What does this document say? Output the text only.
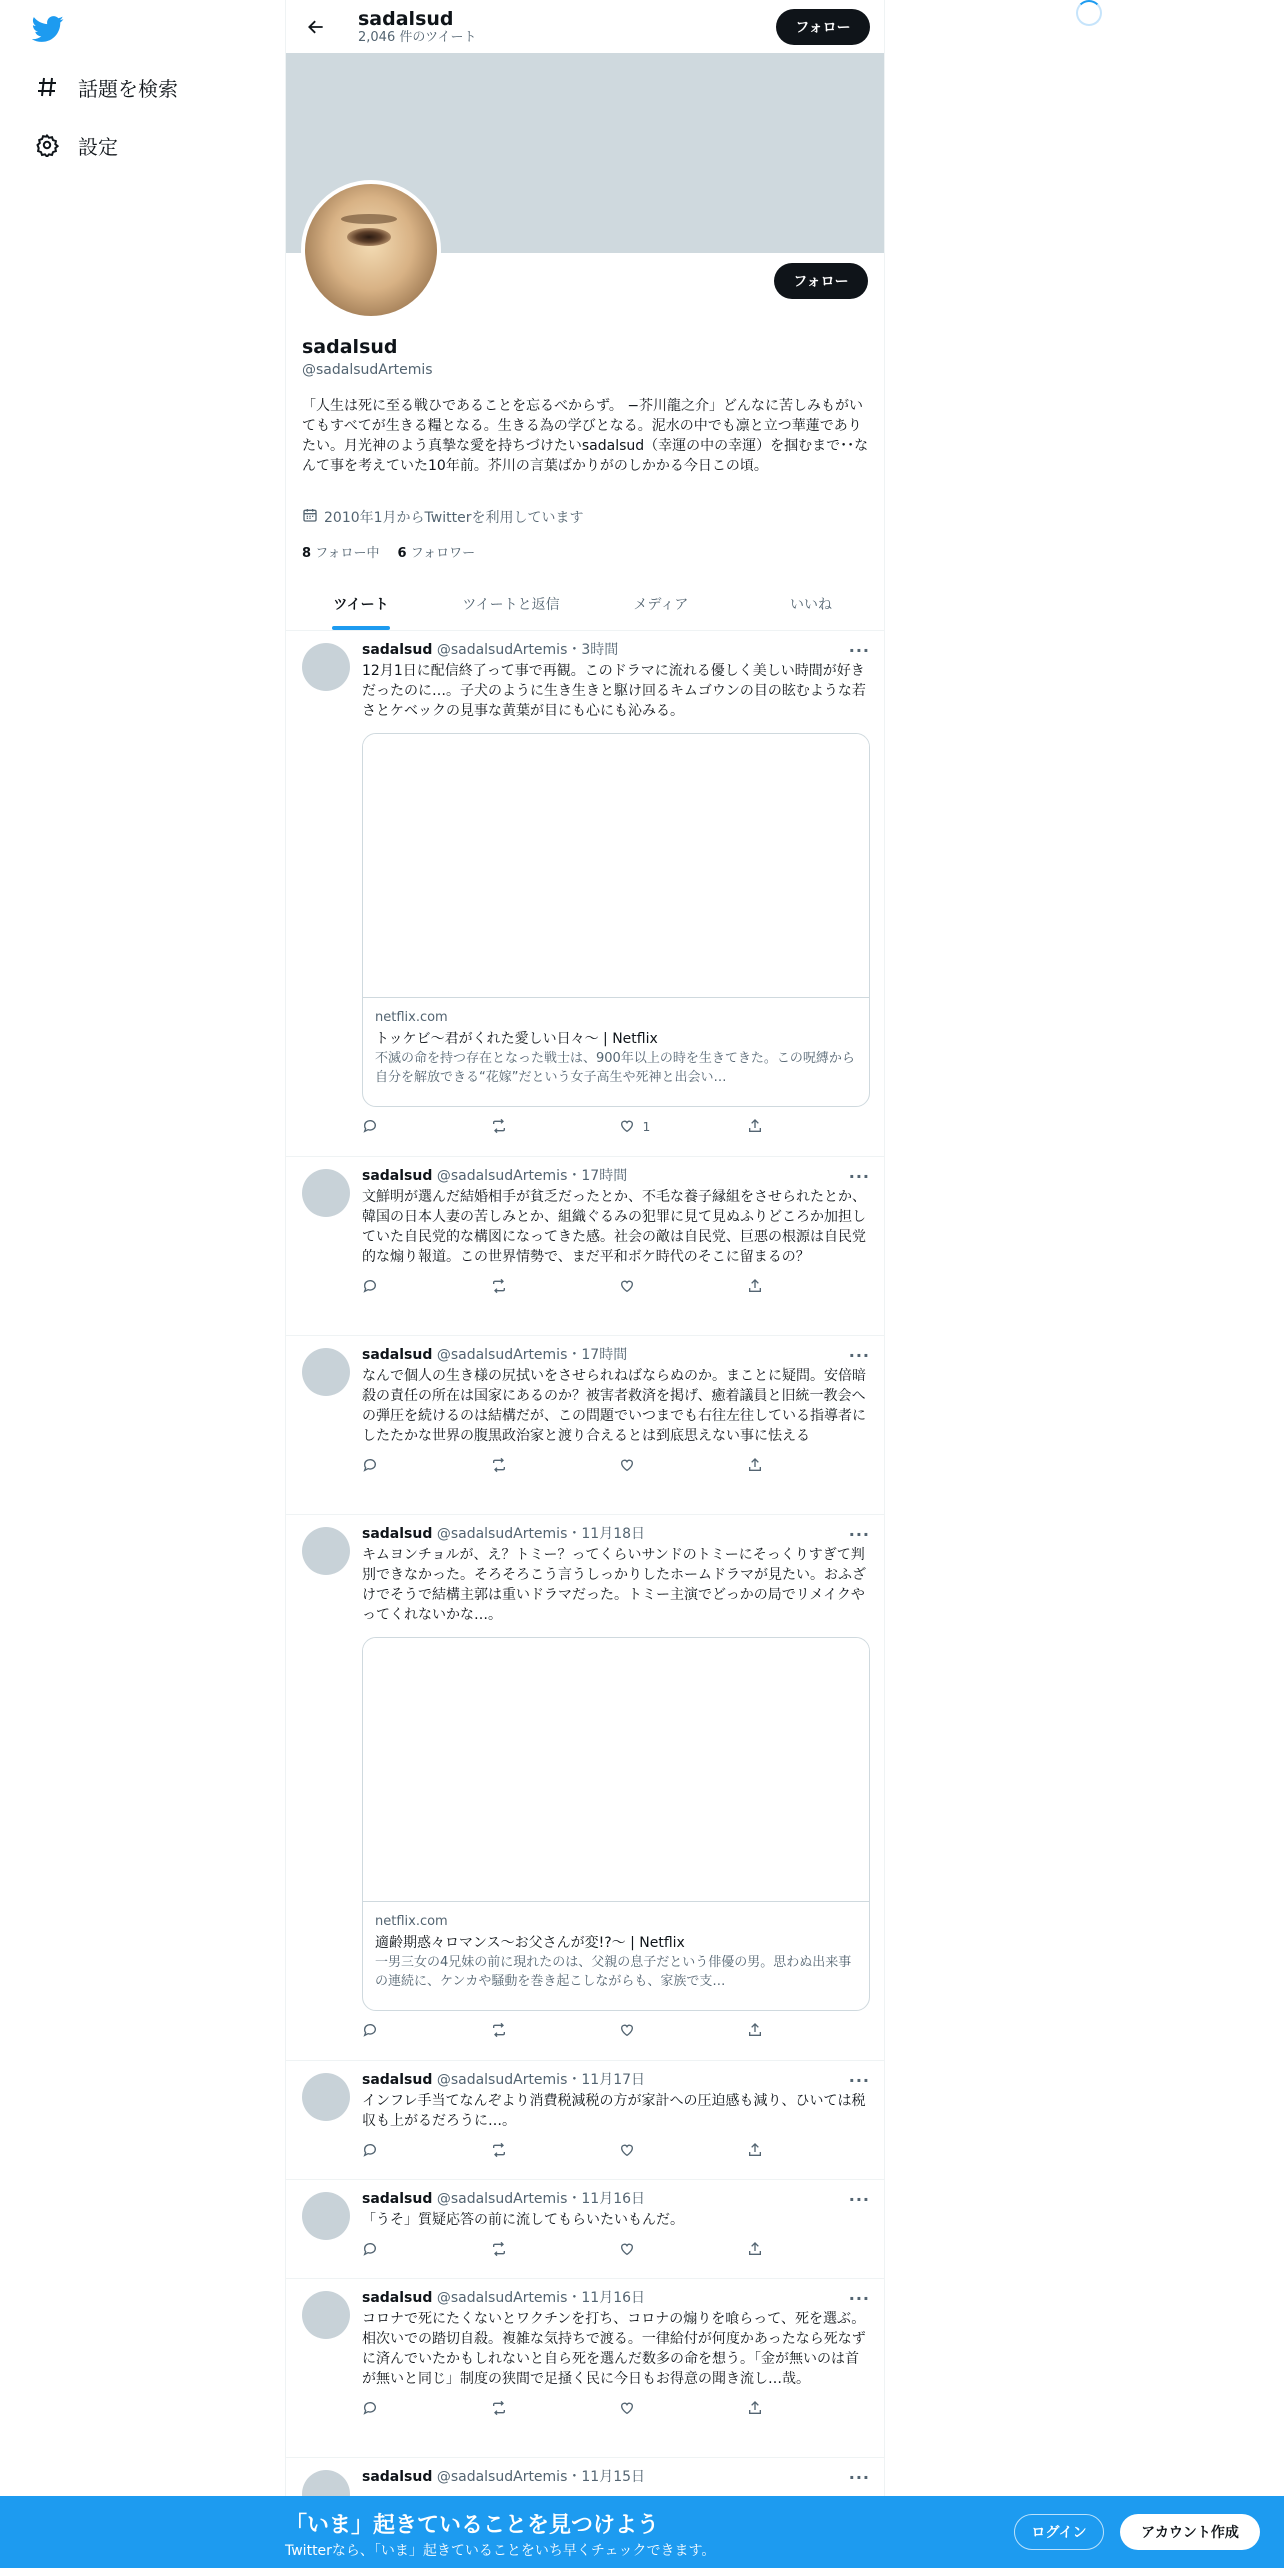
話題を検索
設定
sadalsud
2,046 件のツイート
フォロー
フォロー
sadalsud
@sadalsudArtemis
「人生は死に至る戦ひであることを忘るべからず。 −芥川龍之介」どんなに苦しみもがいてもすべてが生きる糧となる。生きる為の学びとなる。泥水の中でも凛と立つ華蓮でありたい。月光神のよう真摯な愛を持ちづけたいsadalsud（幸運の中の幸運）を掴むまで･･なんて事を考えていた10年前。芥川の言葉ばかりがのしかかる今日この頃。
2010年1月からTwitterを利用しています
8 フォロー中 6 フォロワー
ツイート	ツイートと返信	メディア	いいね
···
sadalsud
@sadalsudArtemis ・3時間
12月1日に配信終了って事で再観。このドラマに流れる優しく美しい時間が好きだったのに…。子犬のように生き生きと駆け回るキムゴウンの目の眩むような若さとケベックの見事な黄葉が目にも心にも沁みる。
netflix.com
トッケビ～君がくれた愛しい日々～ | Netflix
不滅の命を持つ存在となった戦士は、900年以上の時を生きてきた。この呪縛から自分を解放できる“花嫁”だという女子高生や死神と出会い…
1
···
sadalsud
@sadalsudArtemis ・17時間
文鮮明が選んだ結婚相手が貧乏だったとか、不毛な養子縁組をさせられたとか、韓国の日本人妻の苦しみとか、組織ぐるみの犯罪に見て見ぬふりどころか加担していた自民党的な構図になってきた感。社会の敵は自民党、巨悪の根源は自民党的な煽り報道。この世界情勢で、まだ平和ボケ時代のそこに留まるの？
···
sadalsud
@sadalsudArtemis ・17時間
なんで個人の生き様の尻拭いをさせられねばならぬのか。まことに疑問。安倍暗殺の責任の所在は国家にあるのか？被害者救済を掲げ、癒着議員と旧統一教会への弾圧を続けるのは結構だが、この問題でいつまでも右往左往している指導者にしたたかな世界の腹黒政治家と渡り合えるとは到底思えない事に怯える
···
sadalsud
@sadalsudArtemis ・11月18日
キムヨンチョルが、え？トミー？ってくらいサンドのトミーにそっくりすぎて判別できなかった。そろそろこう言うしっかりしたホームドラマが見たい。おふざけでそうで結構主郭は重いドラマだった。トミー主演でどっかの局でリメイクやってくれないかな…。
netflix.com
適齢期惑々ロマンス～お父さんが変!?～ | Netflix
一男三女の4兄妹の前に現れたのは、父親の息子だという俳優の男。思わぬ出来事の連続に、ケンカや騒動を巻き起こしながらも、家族で支…
···
sadalsud
@sadalsudArtemis ・11月17日
インフレ手当てなんぞより消費税減税の方が家計への圧迫感も減り、ひいては税収も上がるだろうに…。
···
sadalsud
@sadalsudArtemis ・11月16日
「うそ」質疑応答の前に流してもらいたいもんだ。
···
sadalsud
@sadalsudArtemis ・11月16日
コロナで死にたくないとワクチンを打ち、コロナの煽りを喰らって、死を選ぶ。相次いでの踏切自殺。複雑な気持ちで渡る。一律給付が何度かあったなら死なずに済んでいたかもしれないと自ら死を選んだ数多の命を想う。「金が無いのは首が無いと同じ」制度の狭間で足掻く民に今日もお得意の聞き流し…哉。
···
sadalsud
@sadalsudArtemis ・11月15日
「いま」起きていることを見つけよう
Twitterなら、「いま」起きていることをいち早くチェックできます。
ログイン	アカウント作成
